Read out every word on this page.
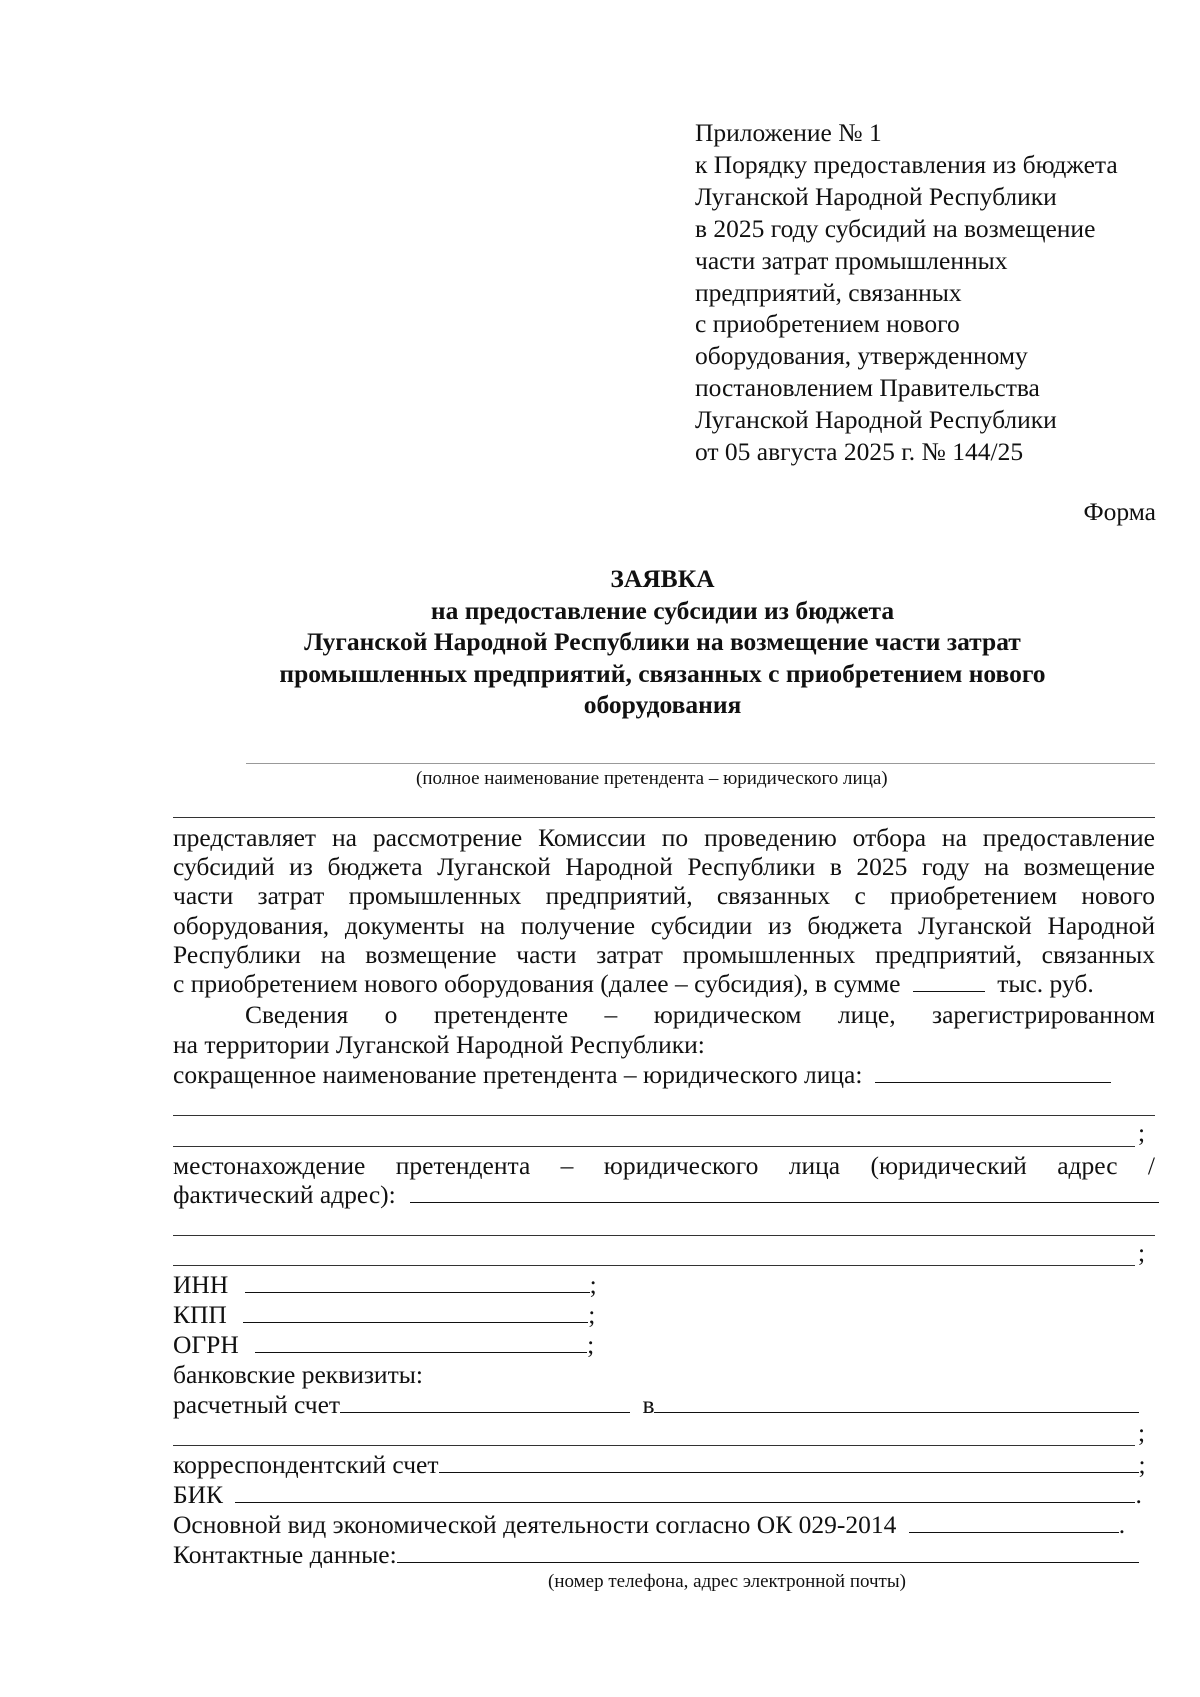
Приложение № 1
к Порядку предоставления из бюджета
Луганской Народной Республики
в 2025 году субсидий на возмещение
части затрат промышленных
предприятий, связанных
с приобретением нового
оборудования, утвержденному
постановлением Правительства
Луганской Народной Республики
от 05 августа 2025 г. № 144/25
Форма
ЗАЯВКА
на предоставление субсидии из бюджета
Луганской Народной Республики на возмещение части затрат
промышленных предприятий, связанных с приобретением нового
оборудования
(полное наименование претендента – юридического лица)
представляет на рассмотрение Комиссии по проведению отбора на предоставление
субсидий из бюджета Луганской Народной Республики в 2025 году на возмещение
части затрат промышленных предприятий, связанных с приобретением нового
оборудования, документы на получение субсидии из бюджета Луганской Народной
Республики на возмещение части затрат промышленных предприятий, связанных
с приобретением нового оборудования (далее – субсидия), в сумме	тыс. руб.
Сведения о претенденте – юридическом лице, зарегистрированном
на территории Луганской Народной Республики:
сокращенное наименование претендента – юридического лица:
;
местонахождение претендента – юридического лица (юридический адрес /
фактический адрес):
;
ИНН	;
КПП	;
ОГРН	;
банковские реквизиты:
расчетный счет	в
;
корреспондентский счет	;
БИК	.
Основной вид экономической деятельности согласно ОК 029-2014	.
Контактные данные:
(номер телефона, адрес электронной почты)
